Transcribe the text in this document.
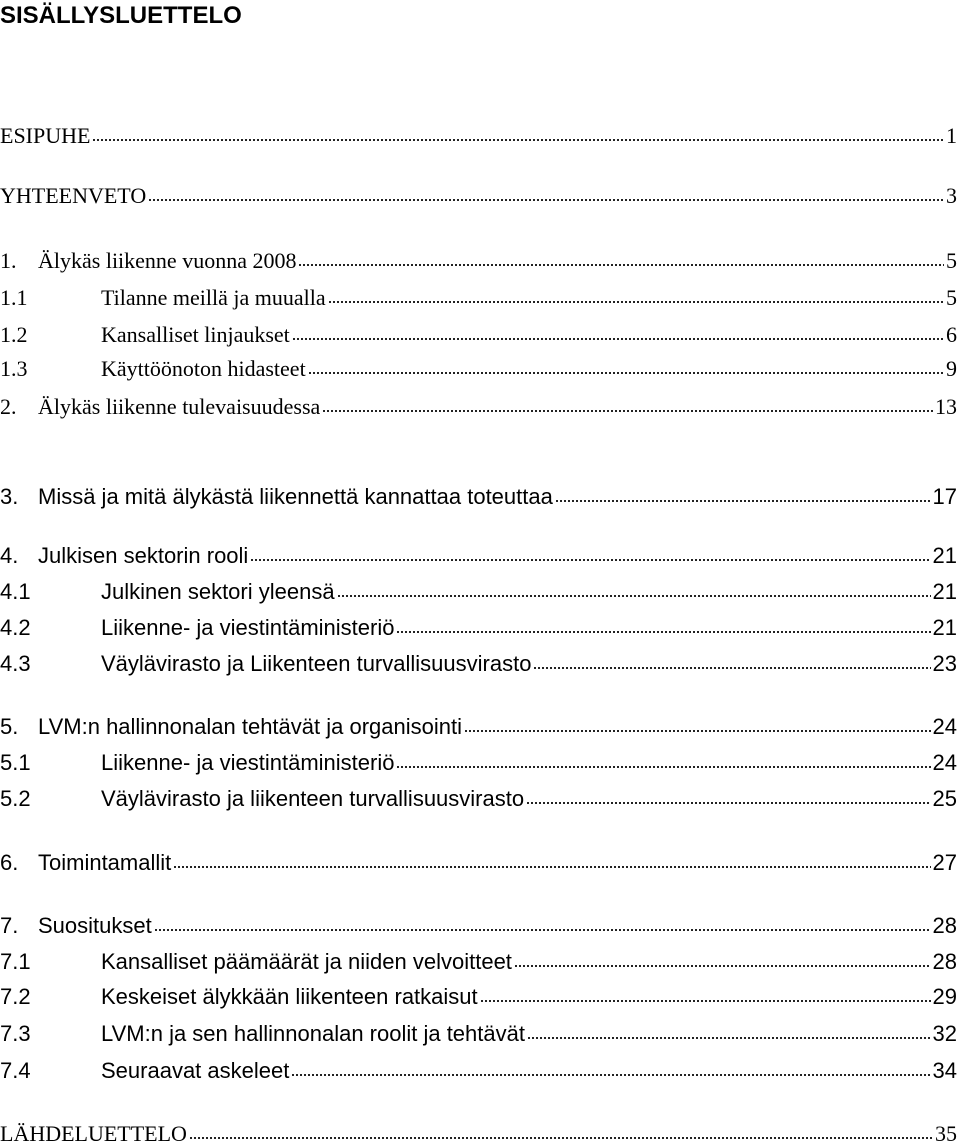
SISÄLLYSLUETTELO
ESIPUHE	1
YHTEENVETO	3
1. Älykäs liikenne vuonna 2008	5
1.1	Tilanne meillä ja muualla	5
1.2	Kansalliset linjaukset	6
1.3	Käyttöönoton hidasteet	9
2. Älykäs liikenne tulevaisuudessa	13
3. Missä ja mitä älykästä liikennettä kannattaa toteuttaa	17
4. Julkisen sektorin rooli	21
4.1	Julkinen sektori yleensä	21
4.2	Liikenne- ja viestintäministeriö	21
4.3	Väylävirasto ja Liikenteen turvallisuusvirasto	23
5. LVM:n hallinnonalan tehtävät ja organisointi	24
5.1	Liikenne- ja viestintäministeriö	24
5.2	Väylävirasto ja liikenteen turvallisuusvirasto	25
6. Toimintamallit	27
7. Suositukset	28
7.1	Kansalliset päämäärät ja niiden velvoitteet	28
7.2	Keskeiset älykkään liikenteen ratkaisut	29
7.3	LVM:n ja sen hallinnonalan roolit ja tehtävät	32
7.4	Seuraavat askeleet	34
LÄHDELUETTELO	35
